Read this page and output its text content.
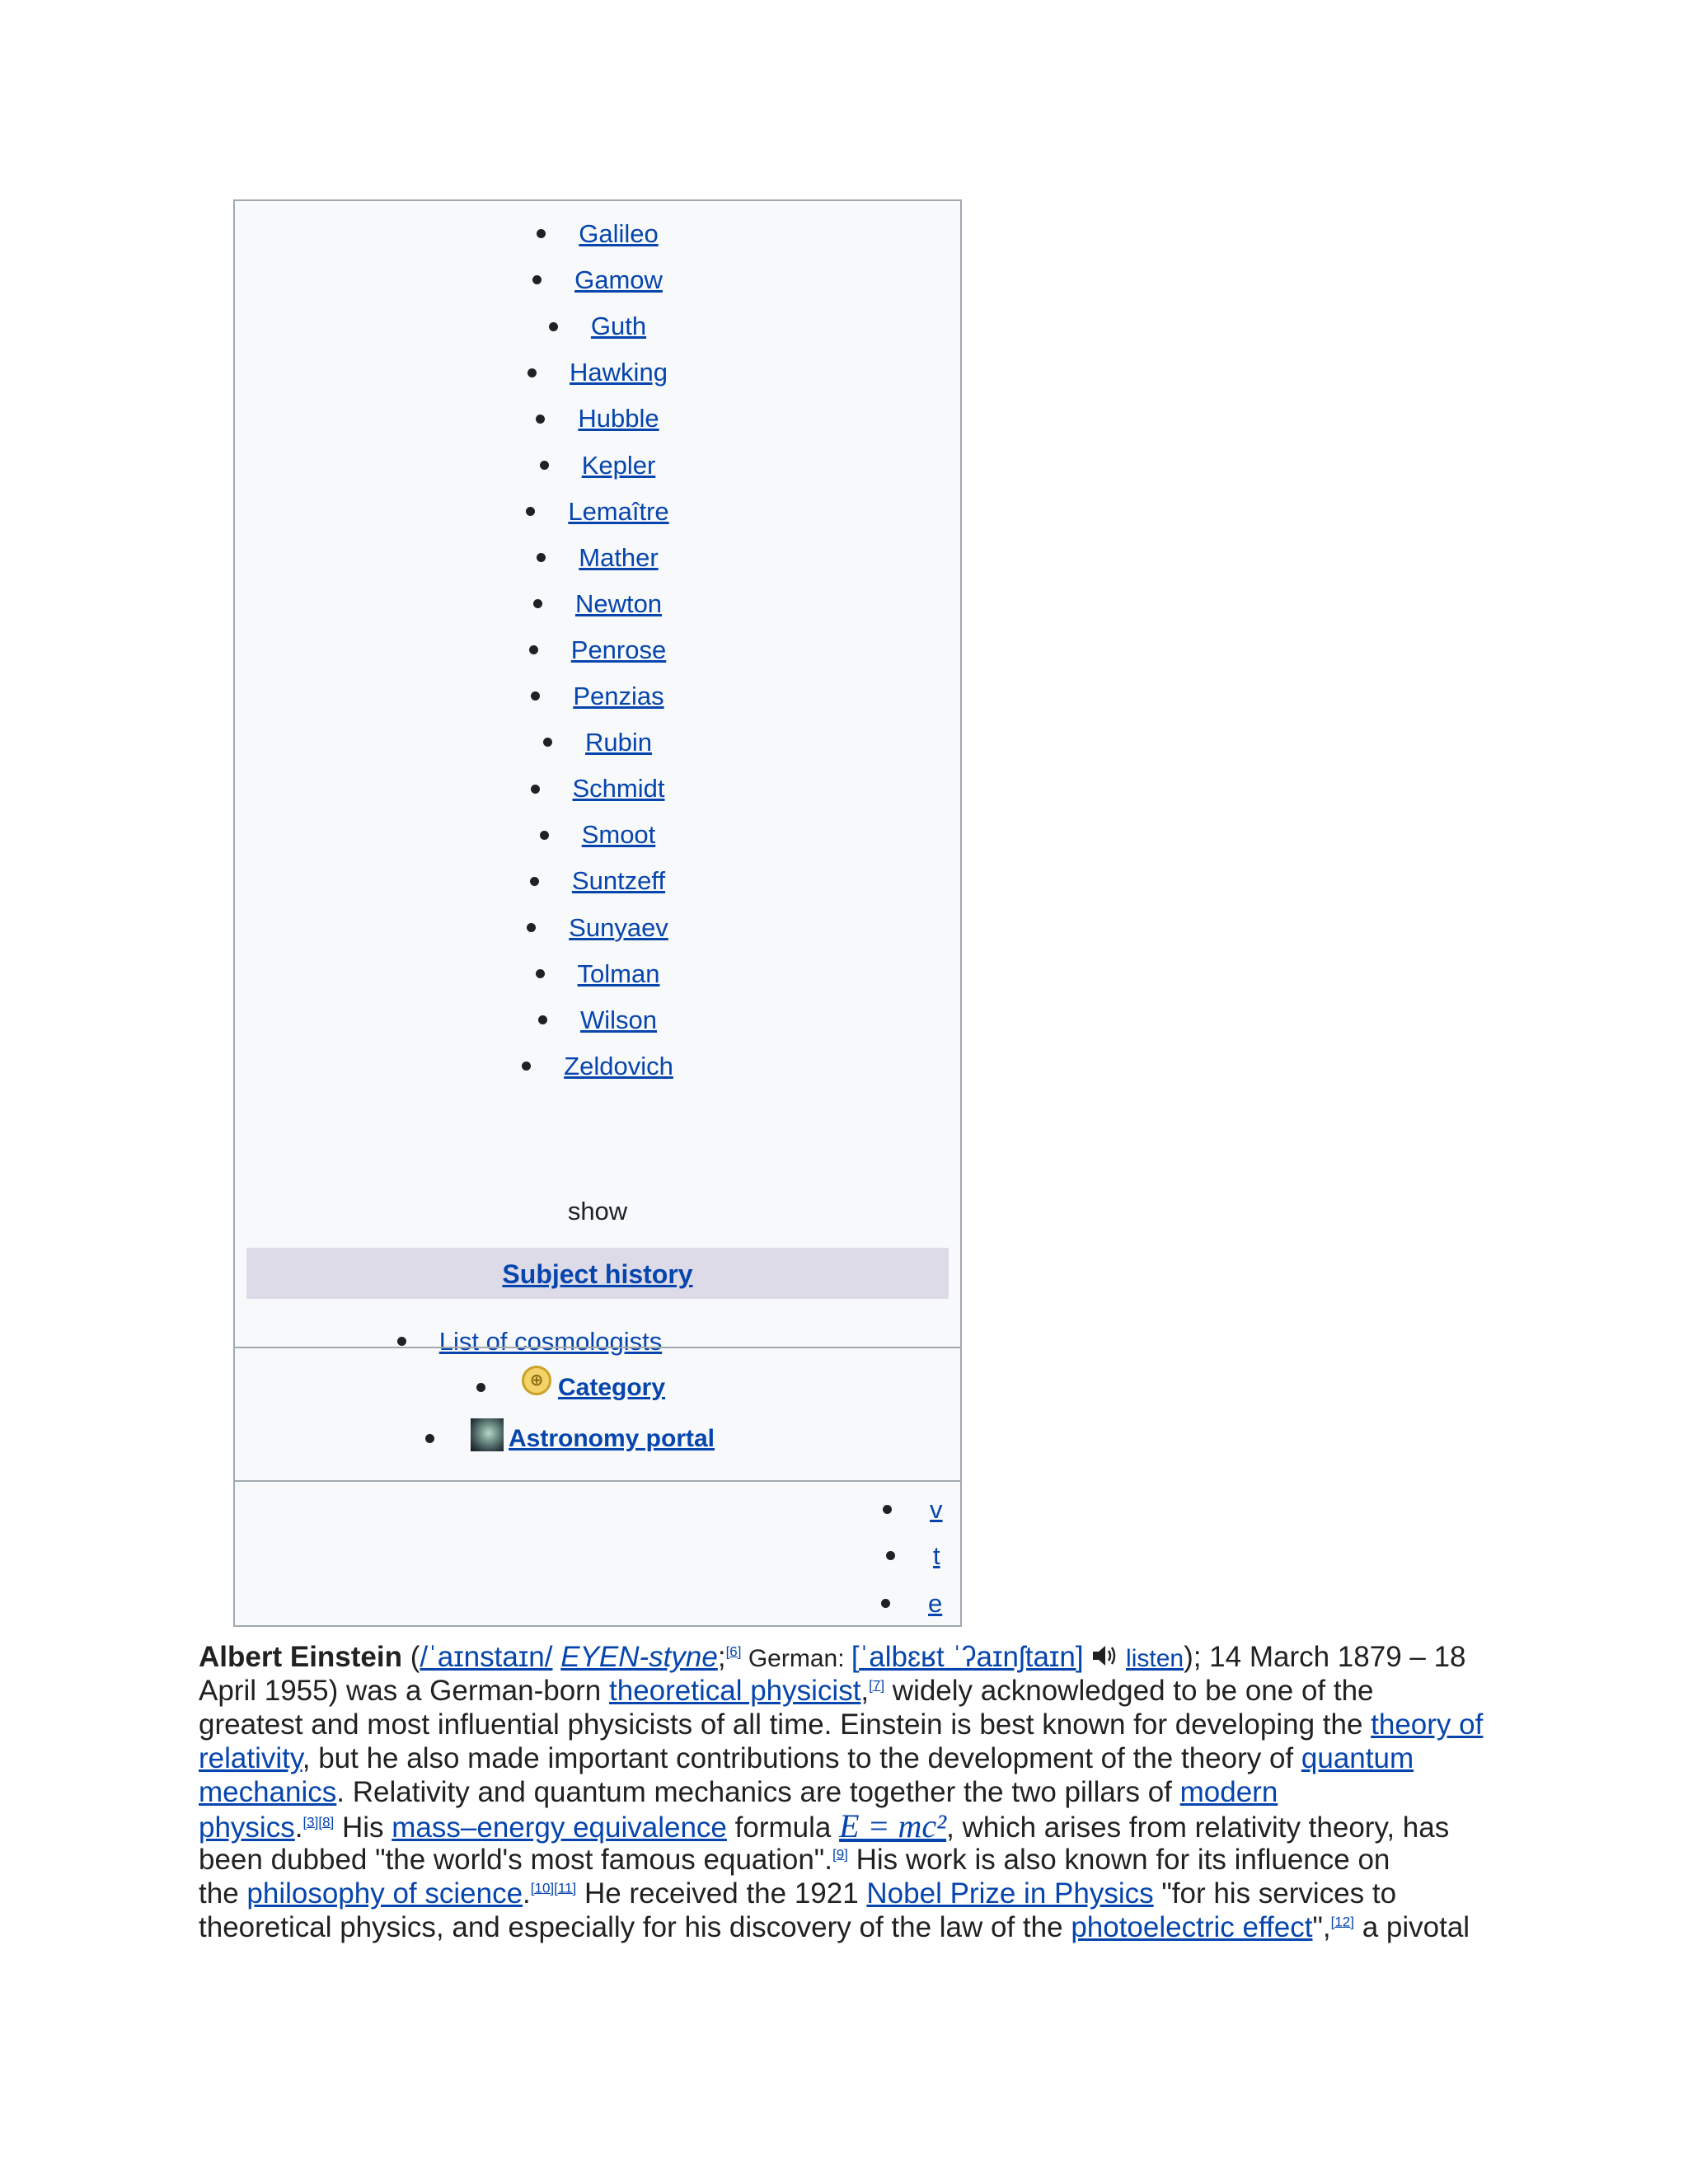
Galileo
Gamow
Guth
Hawking
Hubble
Kepler
Lemaître
Mather
Newton
Penrose
Penzias
Rubin
Schmidt
Smoot
Suntzeff
Sunyaev
Tolman
Wilson
Zeldovich
List of cosmologists
show
Subject history
⊕ Category
Astronomy portal
v
t
e
Albert Einstein (/ˈaɪnstaɪn/ EYEN-styne;[6] German: [ˈalbɛʁt ˈʔaɪnʃtaɪn] listen); 14 March 1879 – 18
April 1955) was a German-born theoretical physicist,[7] widely acknowledged to be one of the
greatest and most influential physicists of all time. Einstein is best known for developing the theory of
relativity, but he also made important contributions to the development of the theory of quantum
mechanics. Relativity and quantum mechanics are together the two pillars of modern
physics.[3][8] His mass–energy equivalence formula E = mc², which arises from relativity theory, has
been dubbed "the world's most famous equation".[9] His work is also known for its influence on
the philosophy of science.[10][11] He received the 1921 Nobel Prize in Physics "for his services to
theoretical physics, and especially for his discovery of the law of the photoelectric effect",[12] a pivotal
